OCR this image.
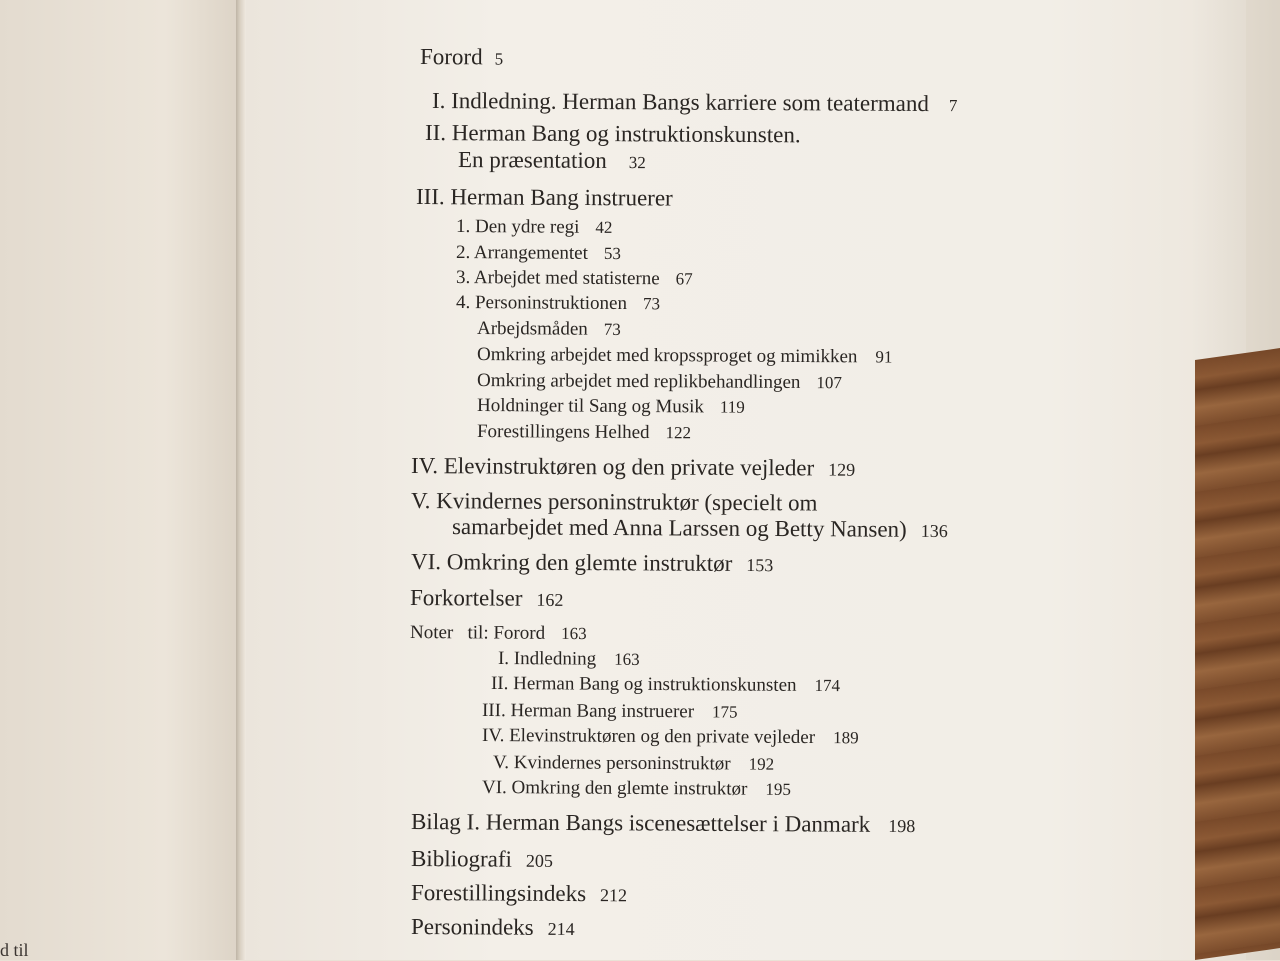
d til
Forord 5
I. Indledning. Herman Bangs karriere som teatermand 7
II. Herman Bang og instruktionskunsten.
En præsentation 32
III. Herman Bang instruerer
1. Den ydre regi 42
2. Arrangementet 53
3. Arbejdet med statisterne 67
4. Personinstruktionen 73
Arbejdsmåden 73
Omkring arbejdet med kropssproget og mimikken 91
Omkring arbejdet med replikbehandlingen 107
Holdninger til Sang og Musik 119
Forestillingens Helhed 122
IV. Elevinstruktøren og den private vejleder 129
V. Kvindernes personinstruktør (specielt om
samarbejdet med Anna Larssen og Betty Nansen) 136
VI. Omkring den glemte instruktør 153
Forkortelser 162
Noter   til: Forord 163
I. Indledning 163
II. Herman Bang og instruktionskunsten 174
III. Herman Bang instruerer 175
IV. Elevinstruktøren og den private vejleder 189
V. Kvindernes personinstruktør 192
VI. Omkring den glemte instruktør 195
Bilag I. Herman Bangs iscenesættelser i Danmark 198
Bibliografi 205
Forestillingsindeks 212
Personindeks 214
